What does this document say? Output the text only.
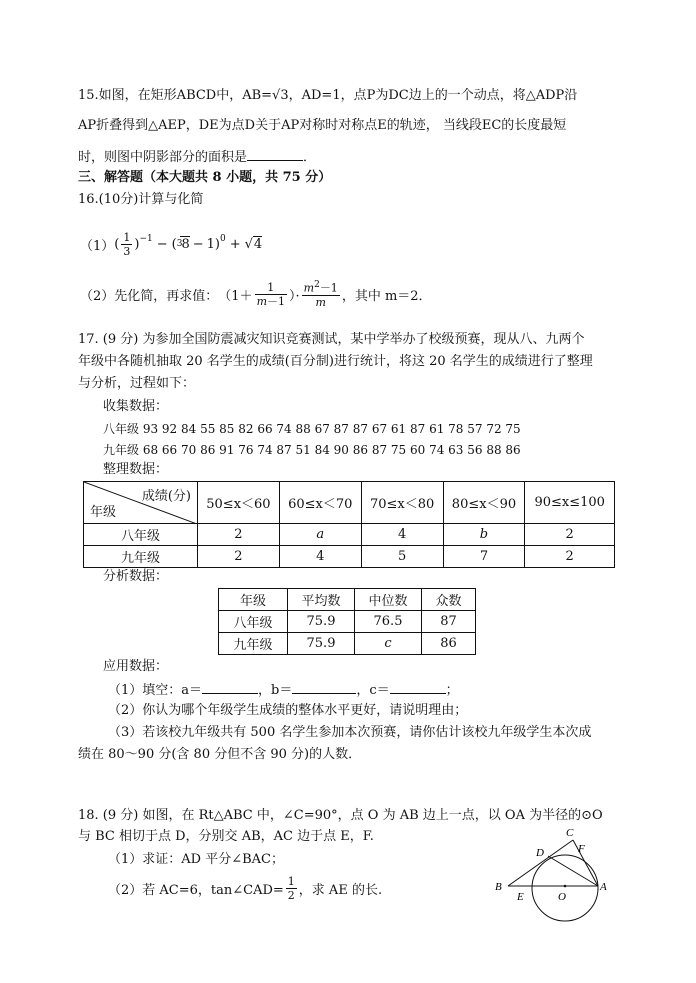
15.如图，在矩形ABCD中，AB=√3，AD=1，点P为DC边上的一个动点，将△ADP沿
AP折叠得到△AEP，DE为点D关于AP对称时对称点E的轨迹， 当线段EC的长度最短
时，则图中阴影部分的面积是	．
三、解答题（本大题共 8 小题，共 75 分）
16.(10分)计算与化简
（1） ( $\frac{1}{3} )^{-1}$ − ( 3 8 − 1)$^0$ + √ 4
（2）先化简，再求值： （$1+ \frac{1}{m-1}$ ）· $\frac{m^2-1}{m}$ ，其中 m＝2．
17. (9 分) 为参加全国防震减灾知识竞赛测试，某中学举办了校级预赛，现从八、九两个
年级中各随机抽取 20 名学生的成绩(百分制)进行统计，将这 20 名学生的成绩进行了整理
与分析，过程如下：
收集数据：
八年级 93 92 84 55 85 82 66 74 88 67 87 87 67 61 87 61 78 57 72 75
九年级 68 66 70 86 91 76 74 87 51 84 90 86 87 75 60 74 63 56 88 86
整理数据：
成绩(分)
年级	50≤x＜60	60≤x＜70	70≤x＜80	80≤x＜90	90≤x≤100
八年级	2	a	4	b	2
九年级	2	4	5	7	2
分析数据：
年级	平均数	中位数	众数
八年级	75.9	76.5	87
九年级	75.9	c	86
应用数据：
（1）填空：a＝	，b＝	，c＝	；
（2）你认为哪个年级学生成绩的整体水平更好，请说明理由；
（3）若该校九年级共有 500 名学生参加本次预赛，请你估计该校九年级学生本次成
绩在 80～90 分(含 80 分但不含 90 分)的人数．
18. (9 分) 如图，在 Rt△ABC 中，∠C=90°，点 O 为 AB 边上一点，以 OA 为半径的⊙O
与 BC 相切于点 D，分别交 AB，AC 边于点 E，F.
（1）求证：AD 平分∠BAC；
（2）若 AC=6，tan∠CAD= $\frac{1}{2}$ ，求 AE 的长.
C
F
D
B	A
E	O
